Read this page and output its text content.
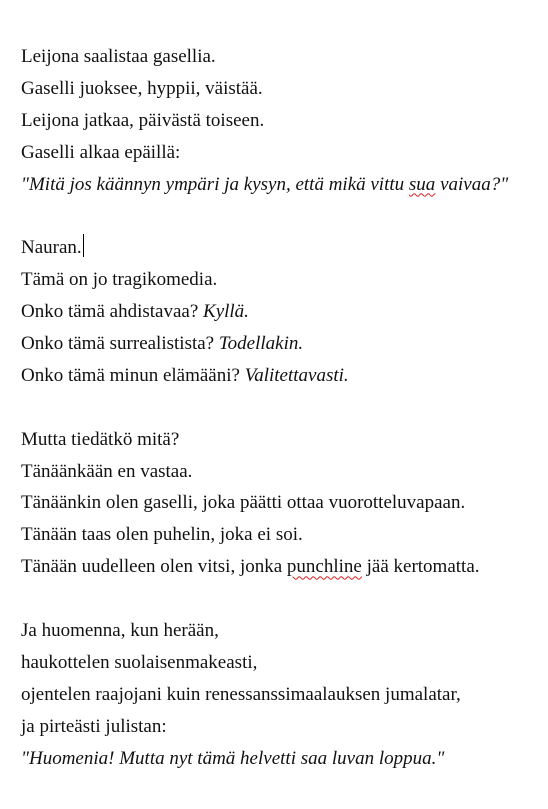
Leijona saalistaa gasellia.
Gaselli juoksee, hyppii, väistää.
Leijona jatkaa, päivästä toiseen.
Gaselli alkaa epäillä:
"Mitä jos käännyn ympäri ja kysyn, että mikä vittu sua vaivaa?"
Nauran.
Tämä on jo tragikomedia.
Onko tämä ahdistavaa? Kyllä.
Onko tämä surrealistista? Todellakin.
Onko tämä minun elämääni? Valitettavasti.
Mutta tiedätkö mitä?
Tänäänkään en vastaa.
Tänäänkin olen gaselli, joka päätti ottaa vuorotteluvapaan.
Tänään taas olen puhelin, joka ei soi.
Tänään uudelleen olen vitsi, jonka punchline jää kertomatta.
Ja huomenna, kun herään,
haukottelen suolaisenmakeasti,
ojentelen raajojani kuin renessanssimaalauksen jumalatar,
ja pirteästi julistan:
"Huomenia! Mutta nyt tämä helvetti saa luvan loppua."
